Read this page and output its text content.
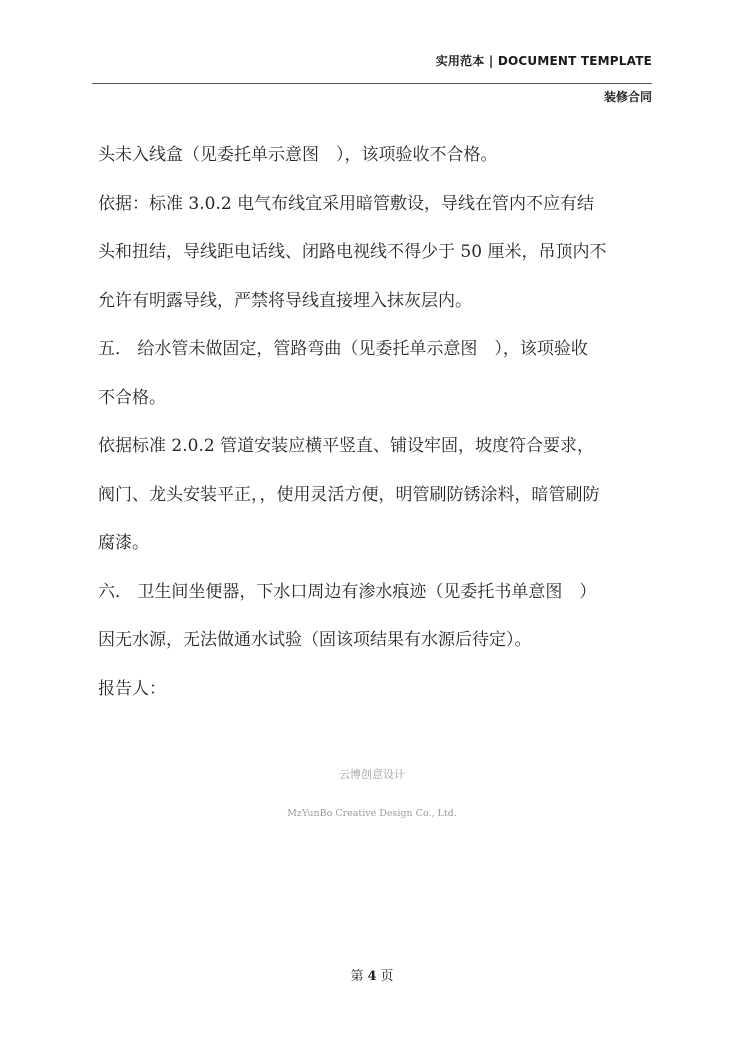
实用范本 | DOCUMENT TEMPLATE
装修合同
头未入线盒（见委托单示意图　），该项验收不合格。
依据：标准 3.0.2 电气布线宜采用暗管敷设，导线在管内不应有结
头和扭结，导线距电话线、闭路电视线不得少于 50 厘米，吊顶内不
允许有明露导线，严禁将导线直接埋入抹灰层内。
五． 给水管未做固定，管路弯曲（见委托单示意图　），该项验收
不合格。
依据标准 2.0.2 管道安装应横平竖直、铺设牢固，坡度符合要求，
阀门、龙头安装平正，，使用灵活方便，明管刷防锈涂料，暗管刷防
腐漆。
六． 卫生间坐便器，下水口周边有渗水痕迹（见委托书单意图　）
因无水源，无法做通水试验（固该项结果有水源后待定）。
报告人：
云博创意设计
MzYunBo Creative Design Co., Ltd.
第 4 页
